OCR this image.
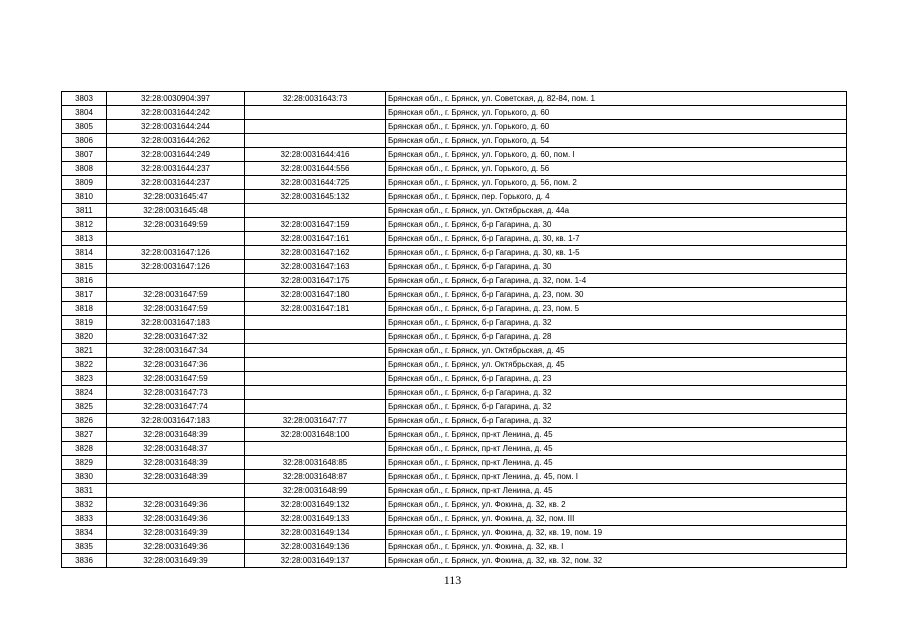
3803	32:28:0030904:397	32:28:0031643:73	Брянская обл., г. Брянск, ул. Советская, д. 82-84, пом. 1
3804	32:28:0031644:242		Брянская обл., г. Брянск, ул. Горького, д. 60
3805	32:28:0031644:244		Брянская обл., г. Брянск, ул. Горького, д. 60
3806	32:28:0031644:262		Брянская обл., г. Брянск, ул. Горького, д. 54
3807	32:28:0031644:249	32:28:0031644:416	Брянская обл., г. Брянск, ул. Горького, д. 60, пом. I
3808	32:28:0031644:237	32:28:0031644:556	Брянская обл., г. Брянск, ул. Горького, д. 56
3809	32:28:0031644:237	32:28:0031644:725	Брянская обл., г. Брянск, ул. Горького, д. 56, пом. 2
3810	32:28:0031645:47	32:28:0031645:132	Брянская обл., г. Брянск, пер. Горького, д. 4
3811	32:28:0031645:48		Брянская обл., г. Брянск, ул. Октябрьская, д. 44а
3812	32:28:0031649:59	32:28:0031647:159	Брянская обл., г. Брянск, б-р Гагарина, д. 30
3813		32:28:0031647:161	Брянская обл., г. Брянск, б-р Гагарина, д. 30, кв. 1-7
3814	32:28:0031647:126	32:28:0031647:162	Брянская обл., г. Брянск, б-р Гагарина, д. 30, кв. 1-5
3815	32:28:0031647:126	32:28:0031647:163	Брянская обл., г. Брянск, б-р Гагарина, д. 30
3816		32:28:0031647:175	Брянская обл., г. Брянск, б-р Гагарина, д. 32, пом. 1-4
3817	32:28:0031647:59	32:28:0031647:180	Брянская обл., г. Брянск, б-р Гагарина, д. 23, пом. 30
3818	32:28:0031647:59	32:28:0031647:181	Брянская обл., г. Брянск, б-р Гагарина, д. 23, пом. 5
3819	32:28:0031647:183		Брянская обл., г. Брянск, б-р Гагарина, д. 32
3820	32:28:0031647:32		Брянская обл., г. Брянск, б-р Гагарина, д. 28
3821	32:28:0031647:34		Брянская обл., г. Брянск, ул. Октябрьская, д. 45
3822	32:28:0031647:36		Брянская обл., г. Брянск, ул. Октябрьская, д. 45
3823	32:28:0031647:59		Брянская обл., г. Брянск, б-р Гагарина, д. 23
3824	32:28:0031647:73		Брянская обл., г. Брянск, б-р Гагарина, д. 32
3825	32:28:0031647:74		Брянская обл., г. Брянск, б-р Гагарина, д. 32
3826	32:28:0031647:183	32:28:0031647:77	Брянская обл., г. Брянск, б-р Гагарина, д. 32
3827	32:28:0031648:39	32:28:0031648:100	Брянская обл., г. Брянск, пр-кт Ленина, д. 45
3828	32:28:0031648:37		Брянская обл., г. Брянск, пр-кт Ленина, д. 45
3829	32:28:0031648:39	32:28:0031648:85	Брянская обл., г. Брянск, пр-кт Ленина, д. 45
3830	32:28:0031648:39	32:28:0031648:87	Брянская обл., г. Брянск, пр-кт Ленина, д. 45, пом. I
3831		32:28:0031648:99	Брянская обл., г. Брянск, пр-кт Ленина, д. 45
3832	32:28:0031649:36	32:28:0031649:132	Брянская обл., г. Брянск, ул. Фокина, д. 32, кв. 2
3833	32:28:0031649:36	32:28:0031649:133	Брянская обл., г. Брянск, ул. Фокина, д. 32, пом. III
3834	32:28:0031649:39	32:28:0031649:134	Брянская обл., г. Брянск, ул. Фокина, д. 32, кв. 19, пом. 19
3835	32:28:0031649:36	32:28:0031649:136	Брянская обл., г. Брянск, ул. Фокина, д. 32, кв. I
3836	32:28:0031649:39	32:28:0031649:137	Брянская обл., г. Брянск, ул. Фокина, д. 32, кв. 32, пом. 32
113
